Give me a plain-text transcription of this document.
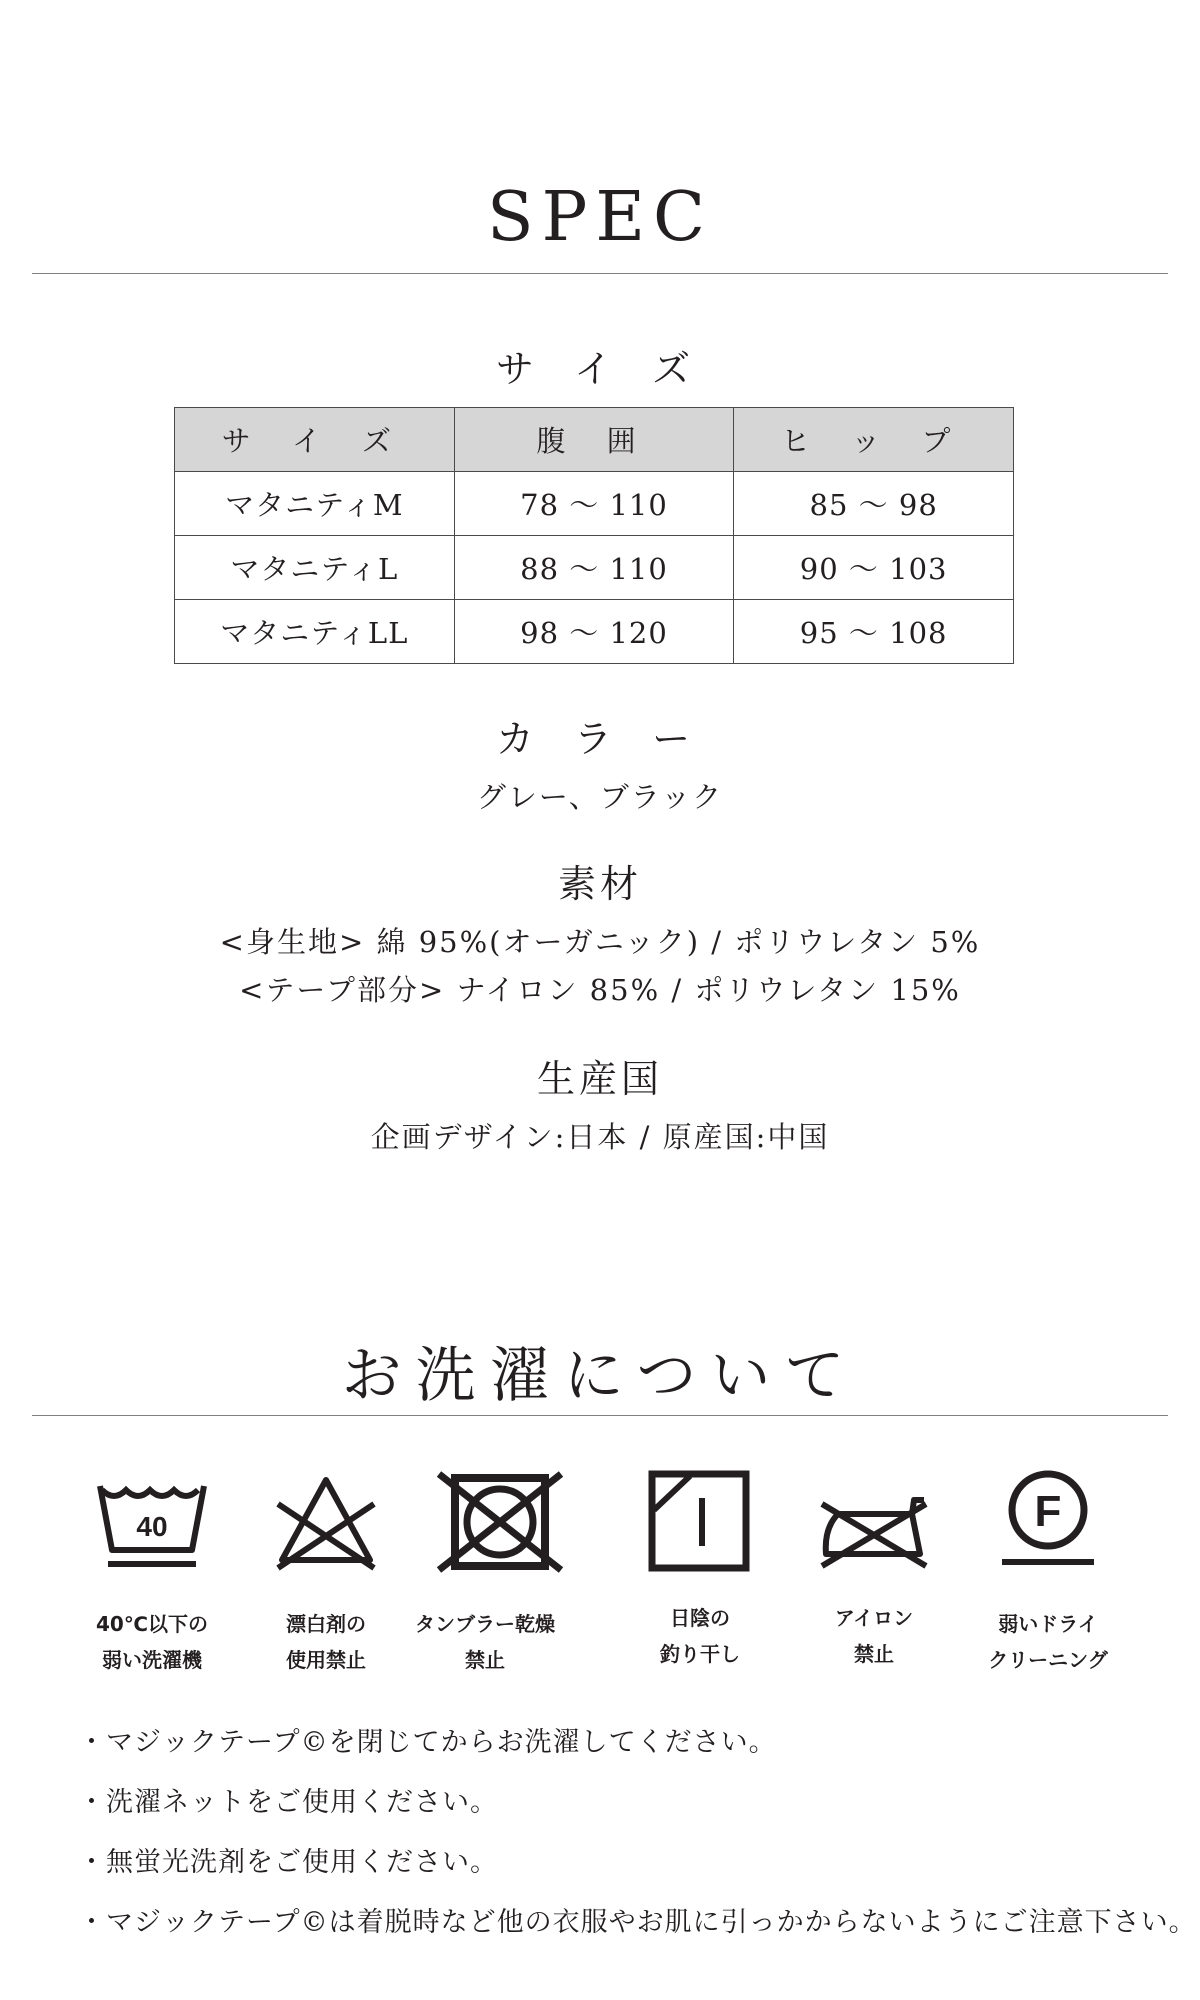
SPEC
サ イ ズ
サ イ ズ	腹 囲	ヒ ッ プ
マタニティM	78 〜 110	85 〜 98
マタニティL	88 〜 110	90 〜 103
マタニティLL	98 〜 120	95 〜 108
カ ラ ー
グレー、ブラック
素材
<身生地> 綿 95%(オーガニック) / ポリウレタン 5%
<テープ部分> ナイロン 85% / ポリウレタン 15%
生産国
企画デザイン:日本 / 原産国:中国
お洗濯について
40
40℃以下の
弱い洗濯機
漂白剤の
使用禁止
タンブラー乾燥
禁止
日陰の
釣り干し
アイロン
禁止
F
弱いドライ
クリーニング
・マジックテープ©を閉じてからお洗濯してください。
・洗濯ネットをご使用ください。
・無蛍光洗剤をご使用ください。
・マジックテープ©は着脱時など他の衣服やお肌に引っかからないようにご注意下さい。
